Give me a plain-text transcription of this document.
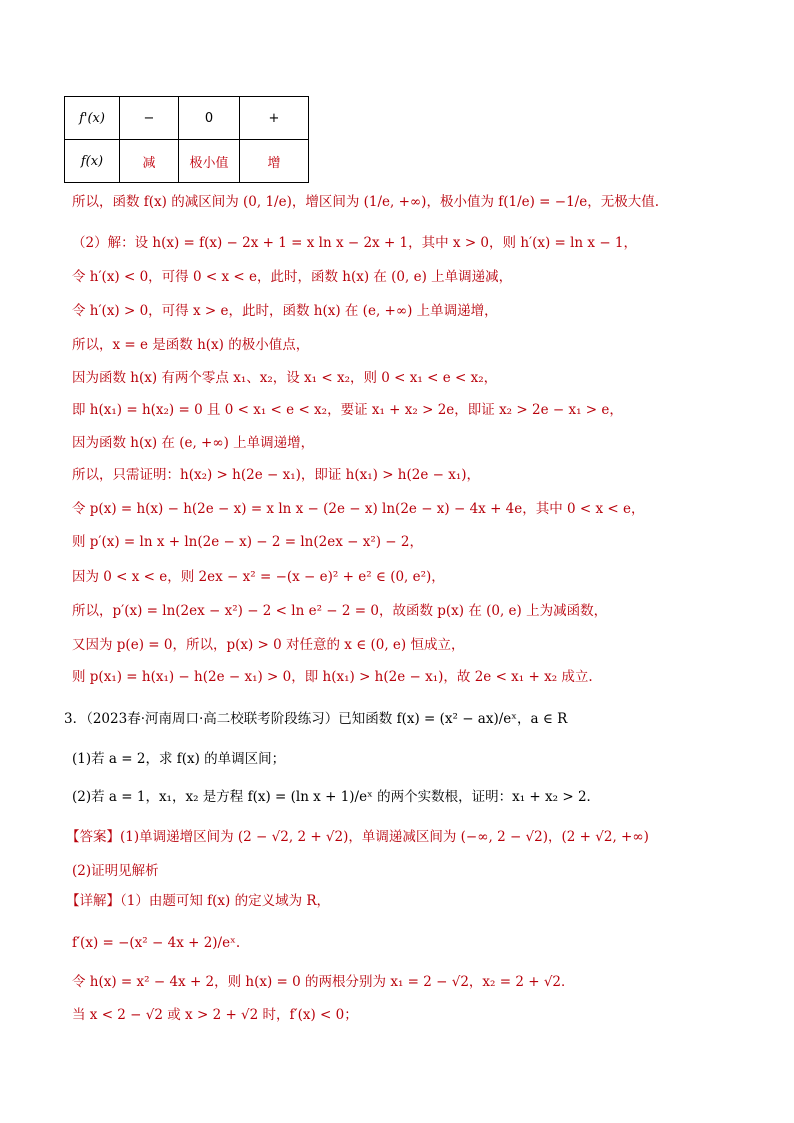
f'(x)	−	0	+
f(x)	减	极小值	增
所以，函数 f(x) 的减区间为 (0, 1/e)，增区间为 (1/e, +∞)，极小值为 f(1/e) = −1/e，无极大值.
（2）解：设 h(x) = f(x) − 2x + 1 = x ln x − 2x + 1，其中 x > 0，则 h′(x) = ln x − 1，
令 h′(x) < 0，可得 0 < x < e，此时，函数 h(x) 在 (0, e) 上单调递减，
令 h′(x) > 0，可得 x > e，此时，函数 h(x) 在 (e, +∞) 上单调递增，
所以，x = e 是函数 h(x) 的极小值点，
因为函数 h(x) 有两个零点 x₁、x₂，设 x₁ < x₂，则 0 < x₁ < e < x₂，
即 h(x₁) = h(x₂) = 0 且 0 < x₁ < e < x₂，要证 x₁ + x₂ > 2e，即证 x₂ > 2e − x₁ > e，
因为函数 h(x) 在 (e, +∞) 上单调递增，
所以，只需证明：h(x₂) > h(2e − x₁)，即证 h(x₁) > h(2e − x₁)，
令 p(x) = h(x) − h(2e − x) = x ln x − (2e − x) ln(2e − x) − 4x + 4e，其中 0 < x < e，
则 p′(x) = ln x + ln(2e − x) − 2 = ln(2ex − x²) − 2，
因为 0 < x < e，则 2ex − x² = −(x − e)² + e² ∈ (0, e²)，
所以，p′(x) = ln(2ex − x²) − 2 < ln e² − 2 = 0，故函数 p(x) 在 (0, e) 上为减函数，
又因为 p(e) = 0，所以，p(x) > 0 对任意的 x ∈ (0, e) 恒成立，
则 p(x₁) = h(x₁) − h(2e − x₁) > 0，即 h(x₁) > h(2e − x₁)，故 2e < x₁ + x₂ 成立.
3．（2023春·河南周口·高二校联考阶段练习）已知函数 f(x) = (x² − ax)/eˣ，a ∈ R
(1)若 a = 2，求 f(x) 的单调区间；
(2)若 a = 1，x₁，x₂ 是方程 f(x) = (ln x + 1)/eˣ 的两个实数根，证明：x₁ + x₂ > 2．
【答案】(1)单调递增区间为 (2 − √2, 2 + √2)，单调递减区间为 (−∞, 2 − √2)，(2 + √2, +∞)
(2)证明见解析
【详解】（1）由题可知 f(x) 的定义域为 R，
f′(x) = −(x² − 4x + 2)/eˣ.
令 h(x) = x² − 4x + 2，则 h(x) = 0 的两根分别为 x₁ = 2 − √2，x₂ = 2 + √2．
当 x < 2 − √2 或 x > 2 + √2 时，f′(x) < 0；
